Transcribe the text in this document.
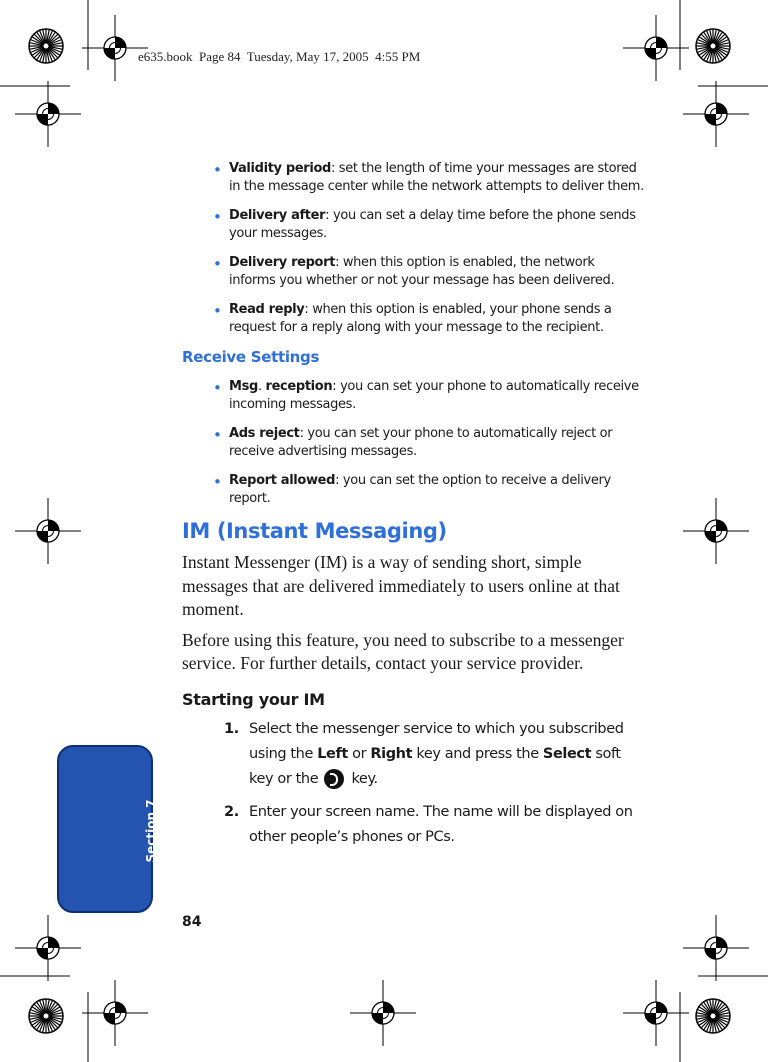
e635.book  Page 84  Tuesday, May 17, 2005  4:55 PM
Section 7
84
• Validity period: set the length of time your messages are stored in the message center while the network attempts to deliver them.
• Delivery after: you can set a delay time before the phone sends your messages.
• Delivery report: when this option is enabled, the network informs you whether or not your message has been delivered.
• Read reply: when this option is enabled, your phone sends a request for a reply along with your message to the recipient.
Receive Settings
• Msg. reception: you can set your phone to automatically receive incoming messages.
• Ads reject: you can set your phone to automatically reject or receive advertising messages.
• Report allowed: you can set the option to receive a delivery report.
IM (Instant Messaging)

Instant Messenger (IM) is a way of sending short, simple messages that are delivered immediately to users online at that moment.

Before using this feature, you need to subscribe to a messenger service. For further details, contact your service provider.

Starting your IM
1. Select the messenger service to which you subscribed using the Left or Right key and press the Select soft key or the key.
2. Enter your screen name. The name will be displayed on other people’s phones or PCs.
